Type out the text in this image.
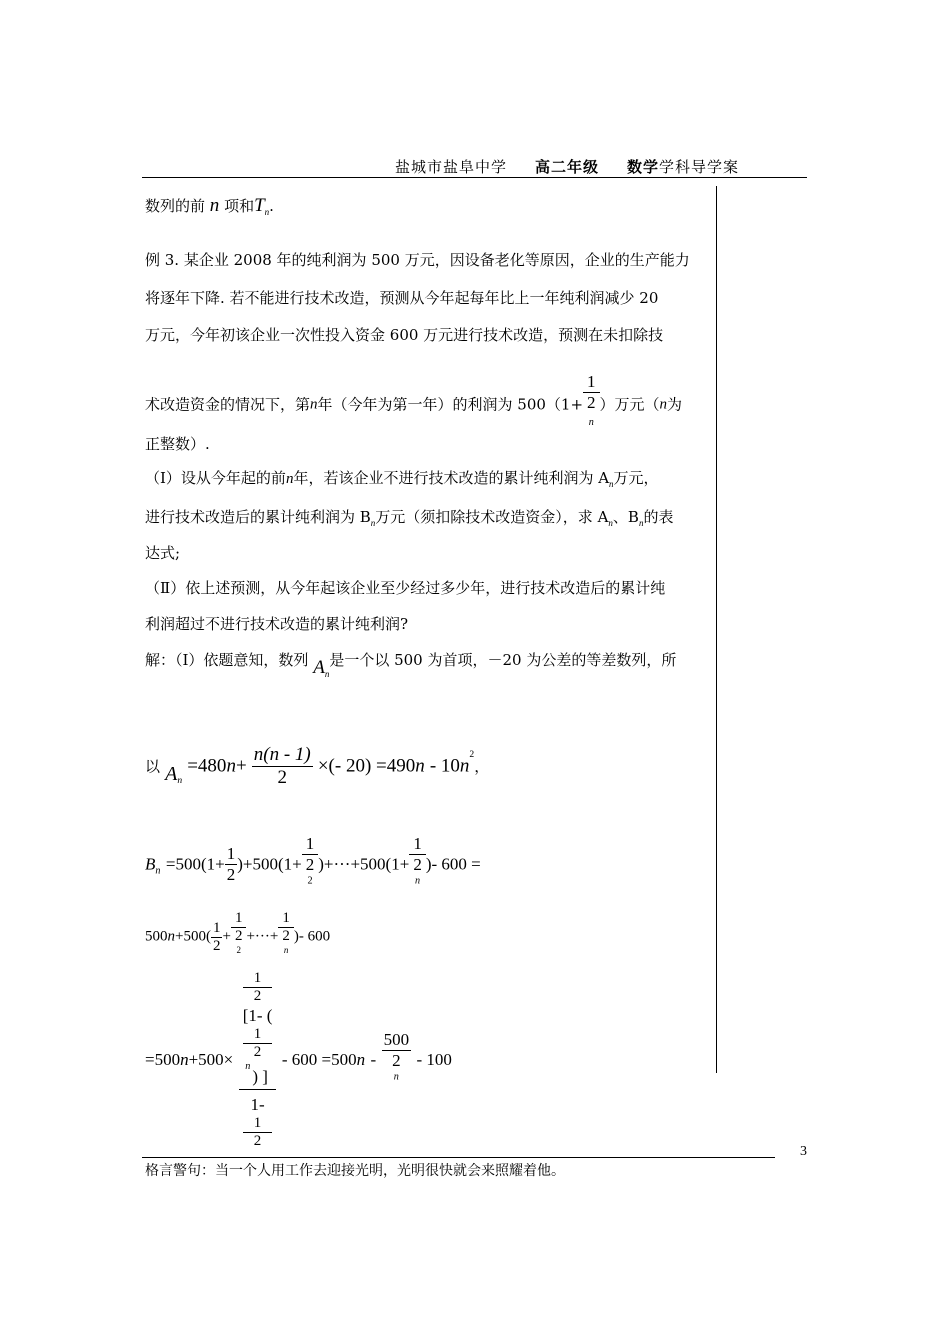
盐城市盐阜中学 高二年级 数学学科导学案
数列的前 n 项和$T_n$.
例 3. 某企业 2008 年的纯利润为 500 万元，因设备老化等原因，企业的生产能力
将逐年下降. 若不能进行技术改造，预测从今年起每年比上一年纯利润减少 20
万元，今年初该企业一次性投入资金 600 万元进行技术改造，预测在未扣除技
术改造资金的情况下，第n年（今年为第一年）的利润为 500（1+ 1
2
$^n$ ）万元（n为
正整数）.
（Ⅰ）设从今年起的前n年，若该企业不进行技术改造的累计纯利润为 $A_n$万元，
进行技术改造后的累计纯利润为 $B_n$万元（须扣除技术改造资金），求 $A_n$、$B_n$的表
达式;
（Ⅱ）依上述预测，从今年起该企业至少经过多少年，进行技术改造后的累计纯
利润超过不进行技术改造的累计纯利润?
解：（Ⅰ）依题意知，数列 $A_n$是一个以 500 为首项，－20 为公差的等差数列，所
以 $A_n =480n+ \frac{n(n - 1)}{2}$ ×(- $20) =490n - 10n^2$，
$B_n =500(1+ \frac{1}{2} )+500(1+ 1$
2
$^2$ )+···+500(1+ 1
2
$^n$ )- 600 =
$500n+500( \frac{1}{2} + 1$
2
$^2$ +···+ 1
2
$^n$ )- 600
=500n+500× 1
2
[1- (
1
2
$^n$) ]
1-
1
2 - 600 =500n - 500
2
$^n$ - 100
3
格言警句：当一个人用工作去迎接光明，光明很快就会来照耀着他。
